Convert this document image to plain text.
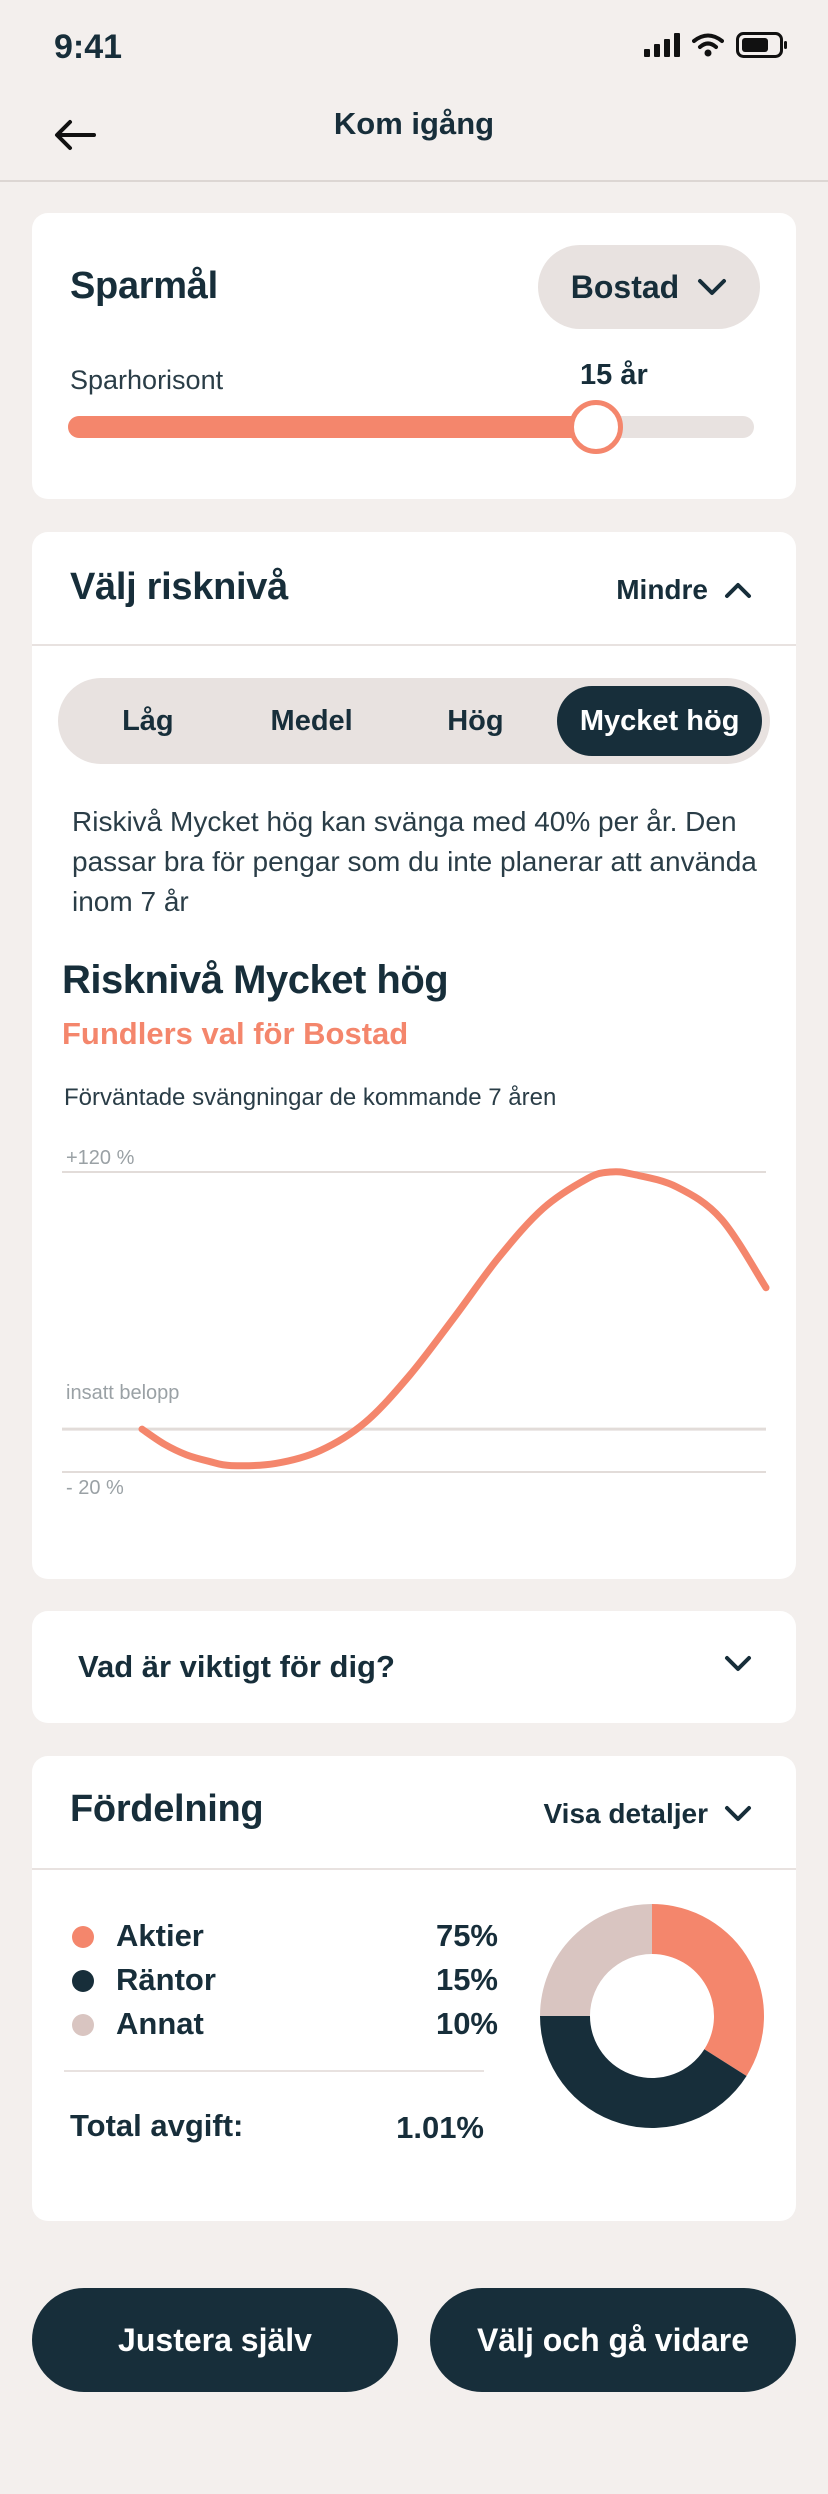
9:41
Kom igång
Sparmål	Bostad
Sparhorisont	15 år
Välj risknivå	Mindre
Låg	Medel	Hög	Mycket hög
Riskivå Mycket hög kan svänga med 40% per år. Den passar bra för pengar som du inte planerar att använda inom 7 år
Risknivå Mycket hög
Fundlers val för Bostad
Förväntade svängningar de kommande 7 åren
+120 %
insatt belopp
- 20 %
Vad är viktigt för dig?
Fördelning	Visa detaljer
Aktier	75%
Räntor	15%
Annat	10%
Total avgift:	1.01%
Justera själv	Välj och gå vidare
